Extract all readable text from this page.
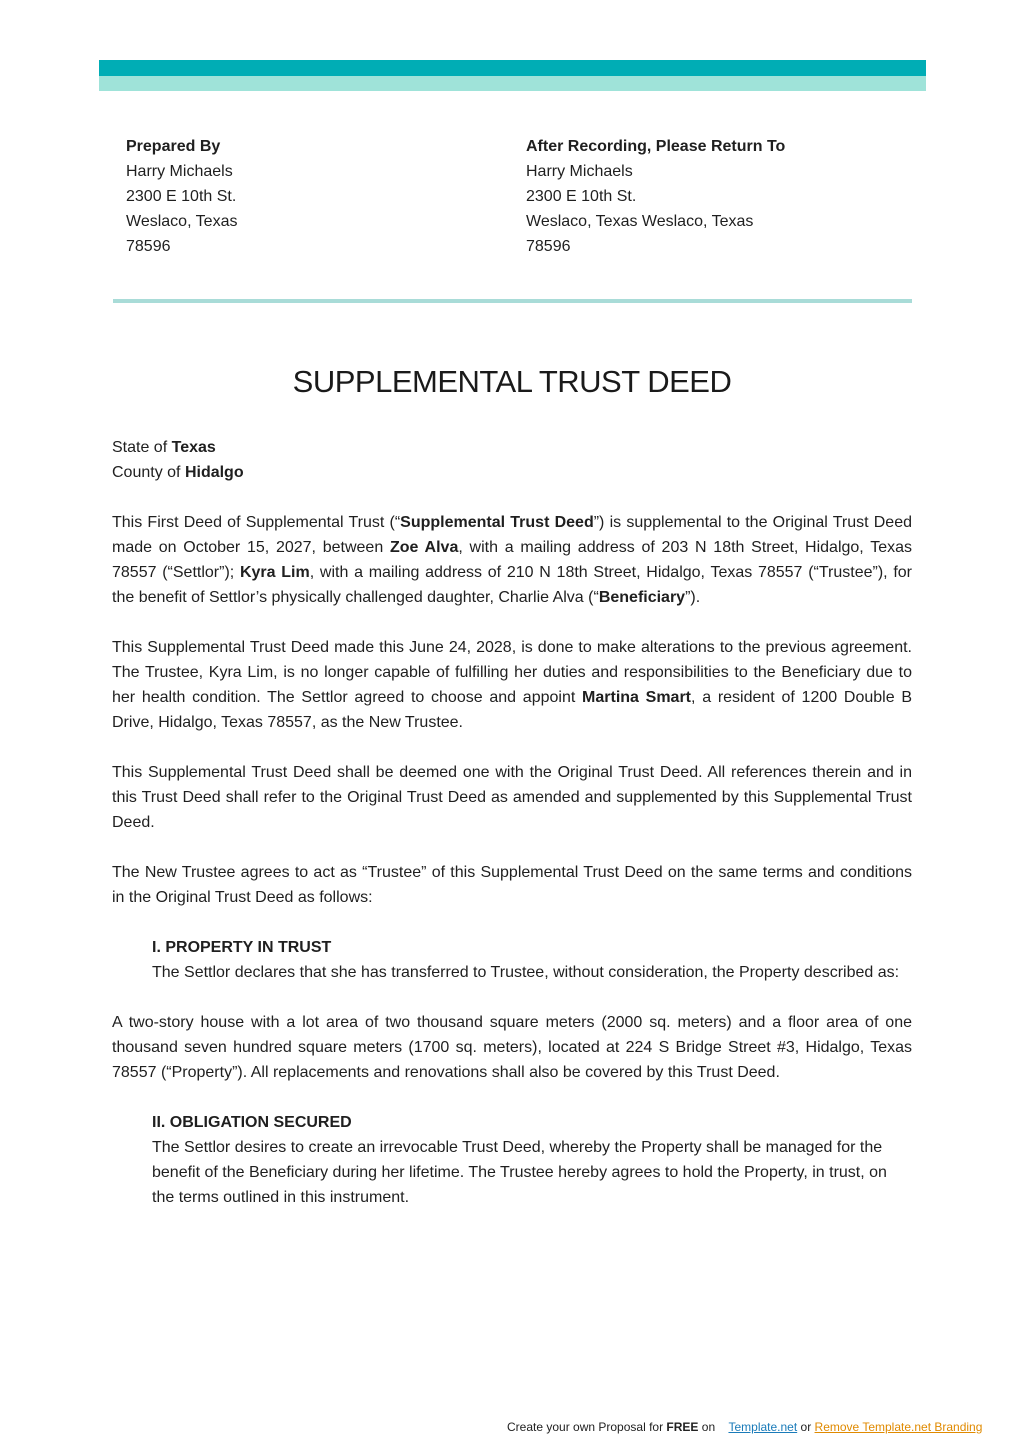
Prepared By
Harry Michaels
2300 E 10th St.
Weslaco, Texas
78596
After Recording, Please Return To
Harry Michaels
2300 E 10th St.
Weslaco, Texas Weslaco, Texas
78596
SUPPLEMENTAL TRUST DEED

State of Texas

County of Hidalgo

This First Deed of Supplemental Trust (“Supplemental Trust Deed”) is supplemental to the Original Trust Deed made on October 15, 2027, between Zoe Alva, with a mailing address of 203 N 18th Street, Hidalgo, Texas 78557 (“Settlor”); Kyra Lim, with a mailing address of 210 N 18th Street, Hidalgo, Texas 78557 (“Trustee”), for the benefit of Settlor’s physically challenged daughter, Charlie Alva (“Beneficiary”).

This Supplemental Trust Deed made this June 24, 2028, is done to make alterations to the previous agreement. The Trustee, Kyra Lim, is no longer capable of fulfilling her duties and responsibilities to the Beneficiary due to her health condition. The Settlor agreed to choose and appoint Martina Smart, a resident of 1200 Double B Drive, Hidalgo, Texas 78557, as the New Trustee.

This Supplemental Trust Deed shall be deemed one with the Original Trust Deed. All references therein and in this Trust Deed shall refer to the Original Trust Deed as amended and supplemented by this Supplemental Trust Deed.

The New Trustee agrees to act as “Trustee” of this Supplemental Trust Deed on the same terms and conditions in the Original Trust Deed as follows:

I. PROPERTY IN TRUST

The Settlor declares that she has transferred to Trustee, without consideration, the Property described as:

A two-story house with a lot area of two thousand square meters (2000 sq. meters) and a floor area of one thousand seven hundred square meters (1700 sq. meters), located at 224 S Bridge Street #3, Hidalgo, Texas 78557 (“Property”). All replacements and renovations shall also be covered by this Trust Deed.

II. OBLIGATION SECURED

The Settlor desires to create an irrevocable Trust Deed, whereby the Property shall be managed for the benefit of the Beneficiary during her lifetime. The Trustee hereby agrees to hold the Property, in trust, on the terms outlined in this instrument.

Create your own Proposal for FREE on    Template.net or Remove Template.net Branding
